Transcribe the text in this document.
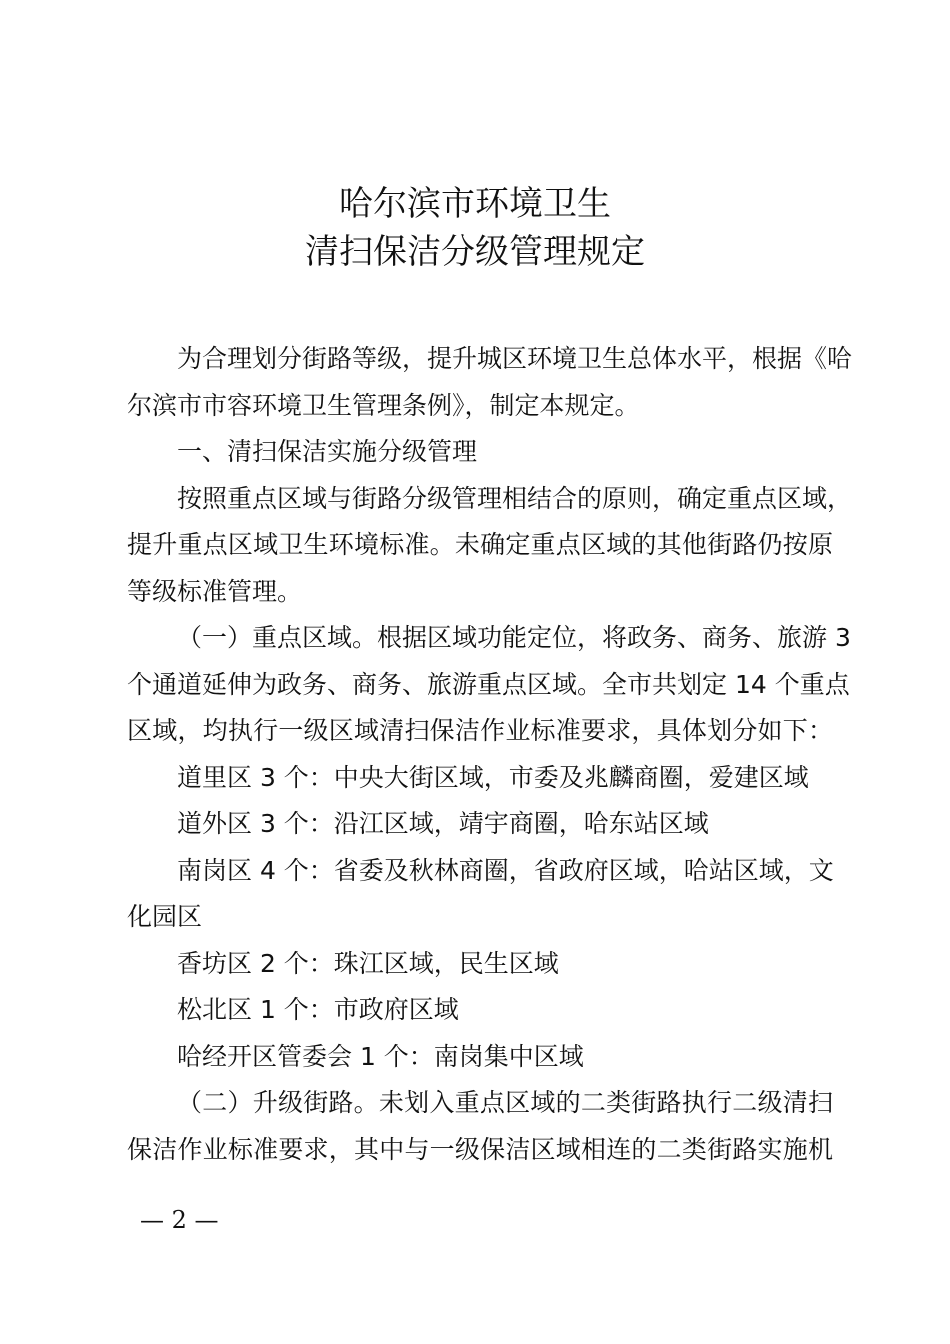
哈尔滨市环境卫生
清扫保洁分级管理规定
为合理划分街路等级，提升城区环境卫生总体水平，根据《哈
尔滨市市容环境卫生管理条例》，制定本规定。
一、清扫保洁实施分级管理
按照重点区域与街路分级管理相结合的原则，确定重点区域，
提升重点区域卫生环境标准。未确定重点区域的其他街路仍按原
等级标准管理。
（一）重点区域。根据区域功能定位，将政务、商务、旅游 3
个通道延伸为政务、商务、旅游重点区域。全市共划定 14 个重点
区域，均执行一级区域清扫保洁作业标准要求，具体划分如下：
道里区 3 个：中央大街区域，市委及兆麟商圈，爱建区域
道外区 3 个：沿江区域，靖宇商圈，哈东站区域
南岗区 4 个：省委及秋林商圈，省政府区域，哈站区域，文
化园区
香坊区 2 个：珠江区域，民生区域
松北区 1 个：市政府区域
哈经开区管委会 1 个：南岗集中区域
（二）升级街路。未划入重点区域的二类街路执行二级清扫
保洁作业标准要求，其中与一级保洁区域相连的二类街路实施机
— 2 —
